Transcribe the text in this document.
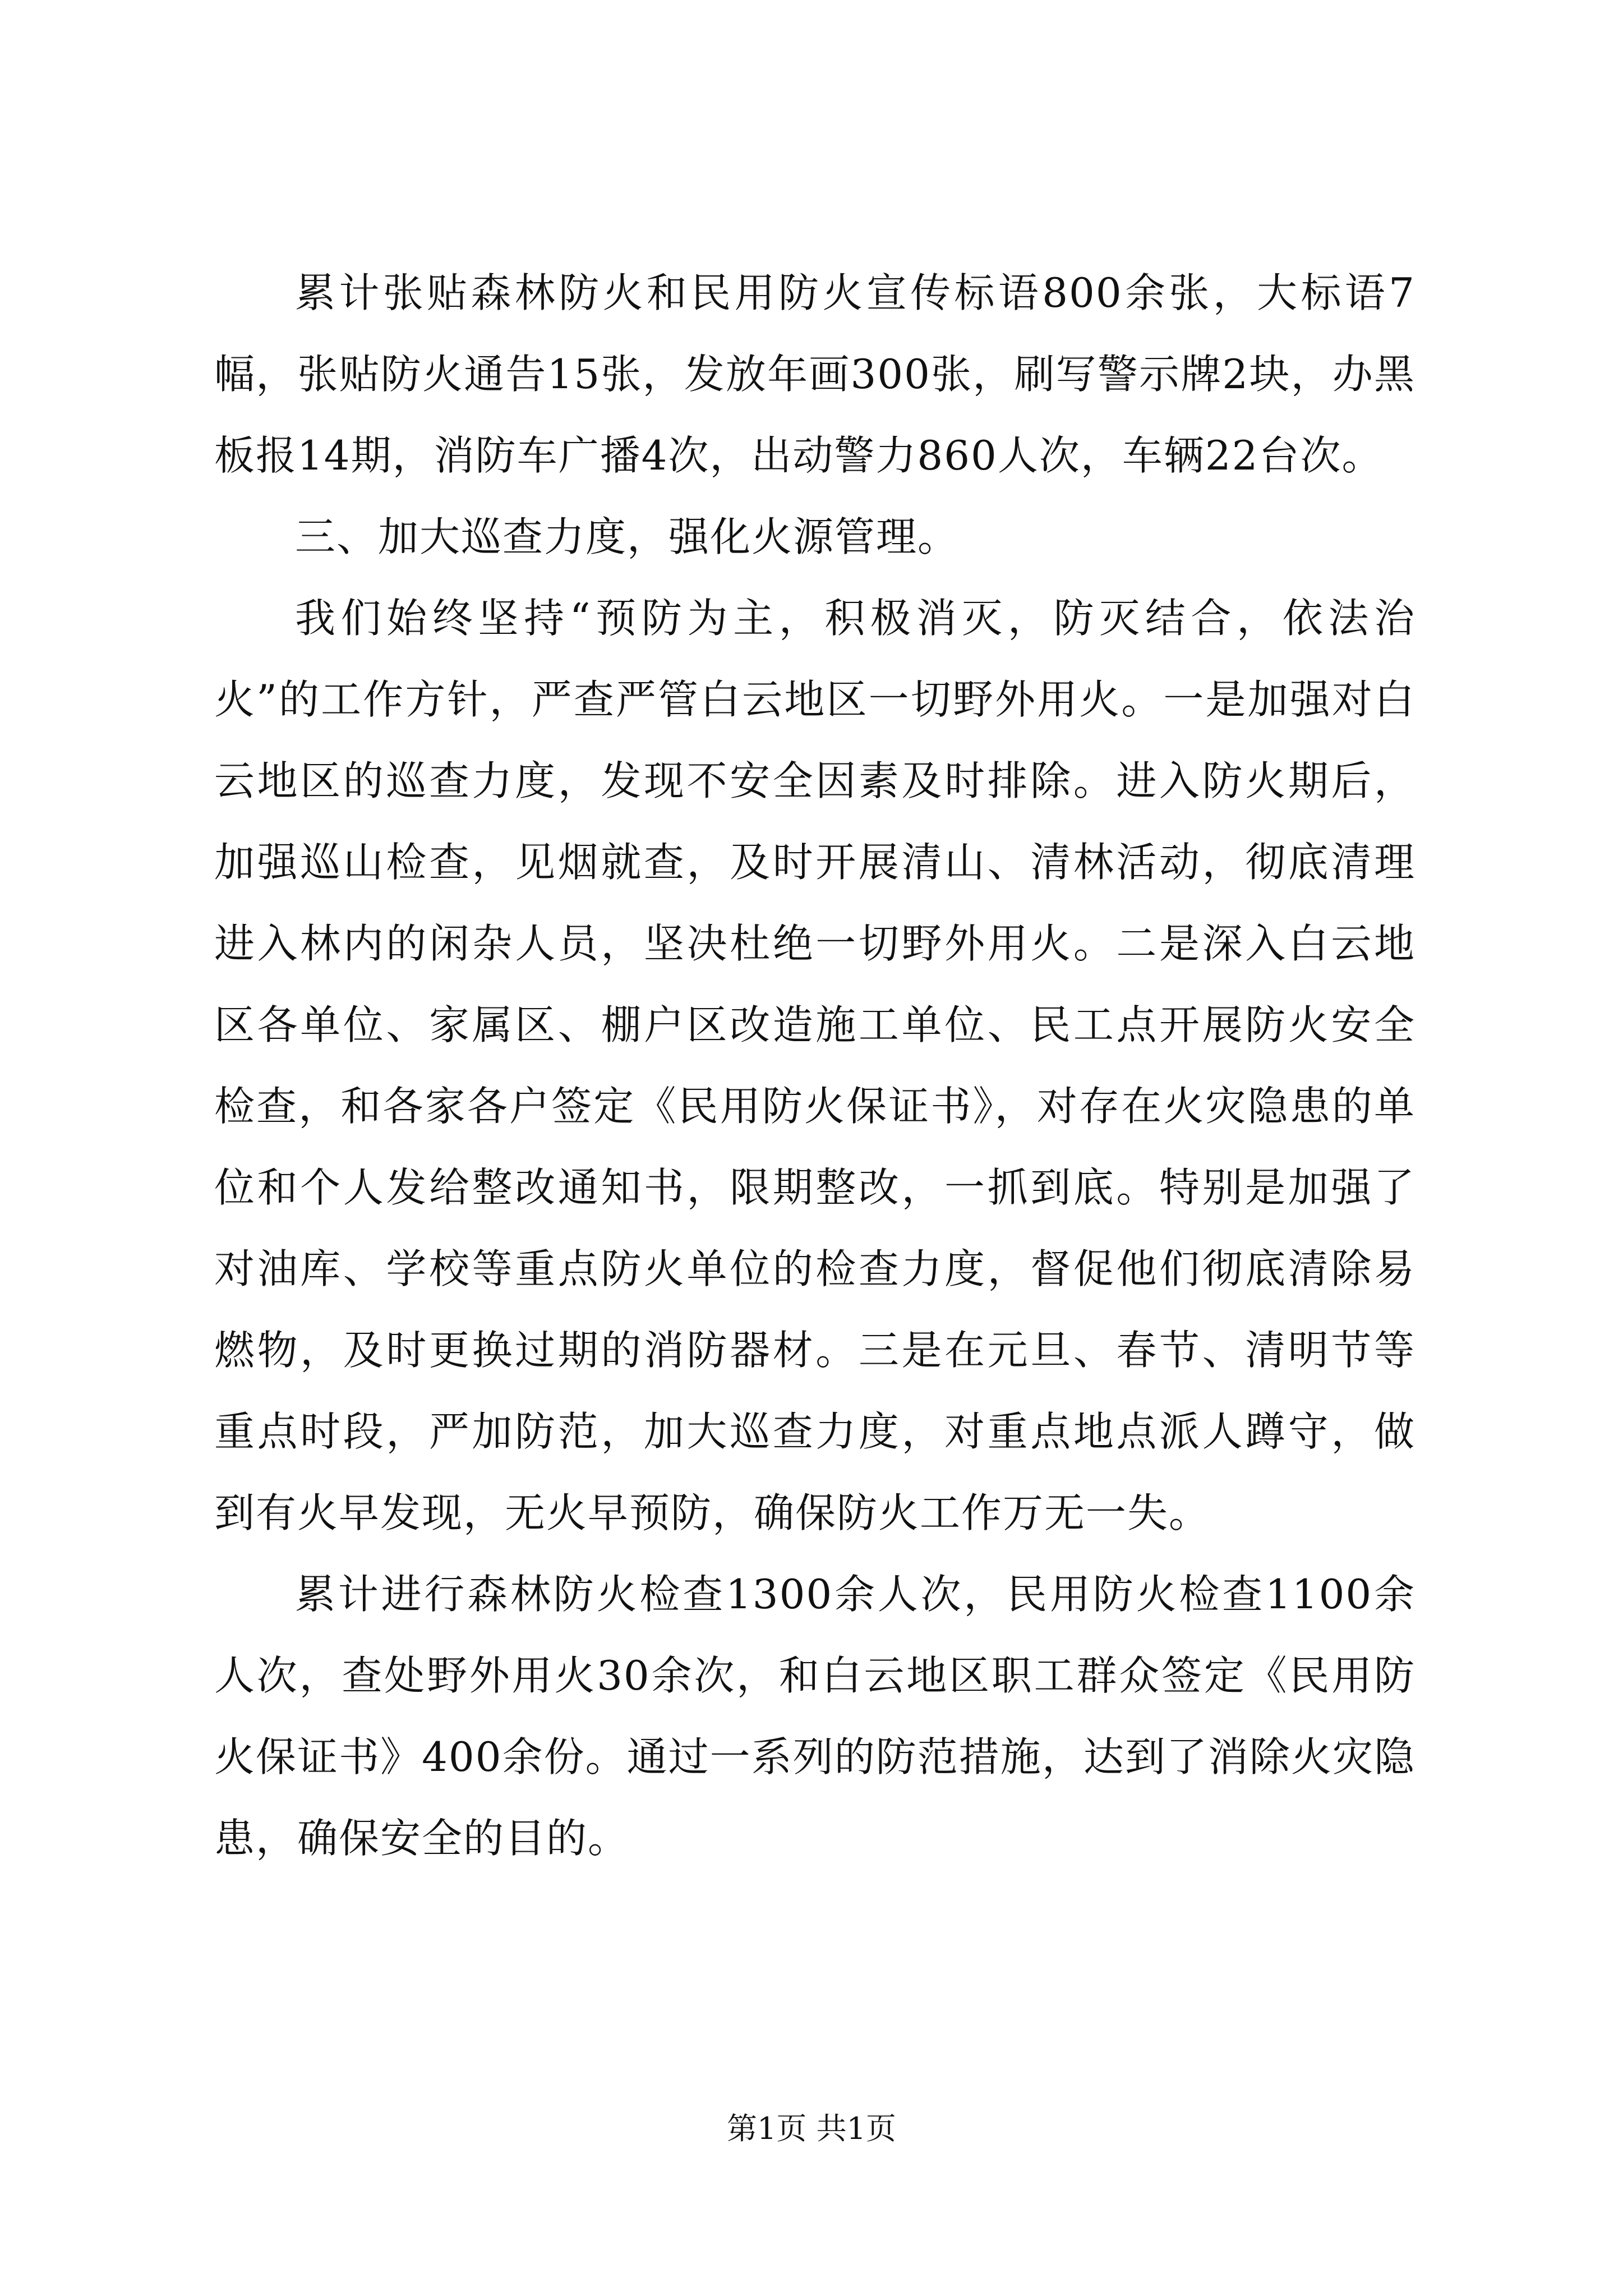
累计张贴森林防火和民用防火宣传标语800余张，大标语7幅，张贴防火通告15张，发放年画300张，刷写警示牌2块，办黑板报14期，消防车广播4次，出动警力860人次，车辆22台次。

三、加大巡查力度，强化火源管理。

我们始终坚持“预防为主，积极消灭，防灭结合，依法治火”的工作方针，严查严管白云地区一切野外用火。一是加强对白云地区的巡查力度，发现不安全因素及时排除。进入防火期后，加强巡山检查，见烟就查，及时开展清山、清林活动，彻底清理进入林内的闲杂人员，坚决杜绝一切野外用火。二是深入白云地区各单位、家属区、棚户区改造施工单位、民工点开展防火安全检查，和各家各户签定《民用防火保证书》，对存在火灾隐患的单位和个人发给整改通知书，限期整改，一抓到底。特别是加强了对油库、学校等重点防火单位的检查力度，督促他们彻底清除易燃物，及时更换过期的消防器材。三是在元旦、春节、清明节等重点时段，严加防范，加大巡查力度，对重点地点派人蹲守，做到有火早发现，无火早预防，确保防火工作万无一失。

累计进行森林防火检查1300余人次，民用防火检查1100余人次，查处野外用火30余次，和白云地区职工群众签定《民用防火保证书》400余份。通过一系列的防范措施，达到了消除火灾隐患，确保安全的目的。

第1页 共1页
